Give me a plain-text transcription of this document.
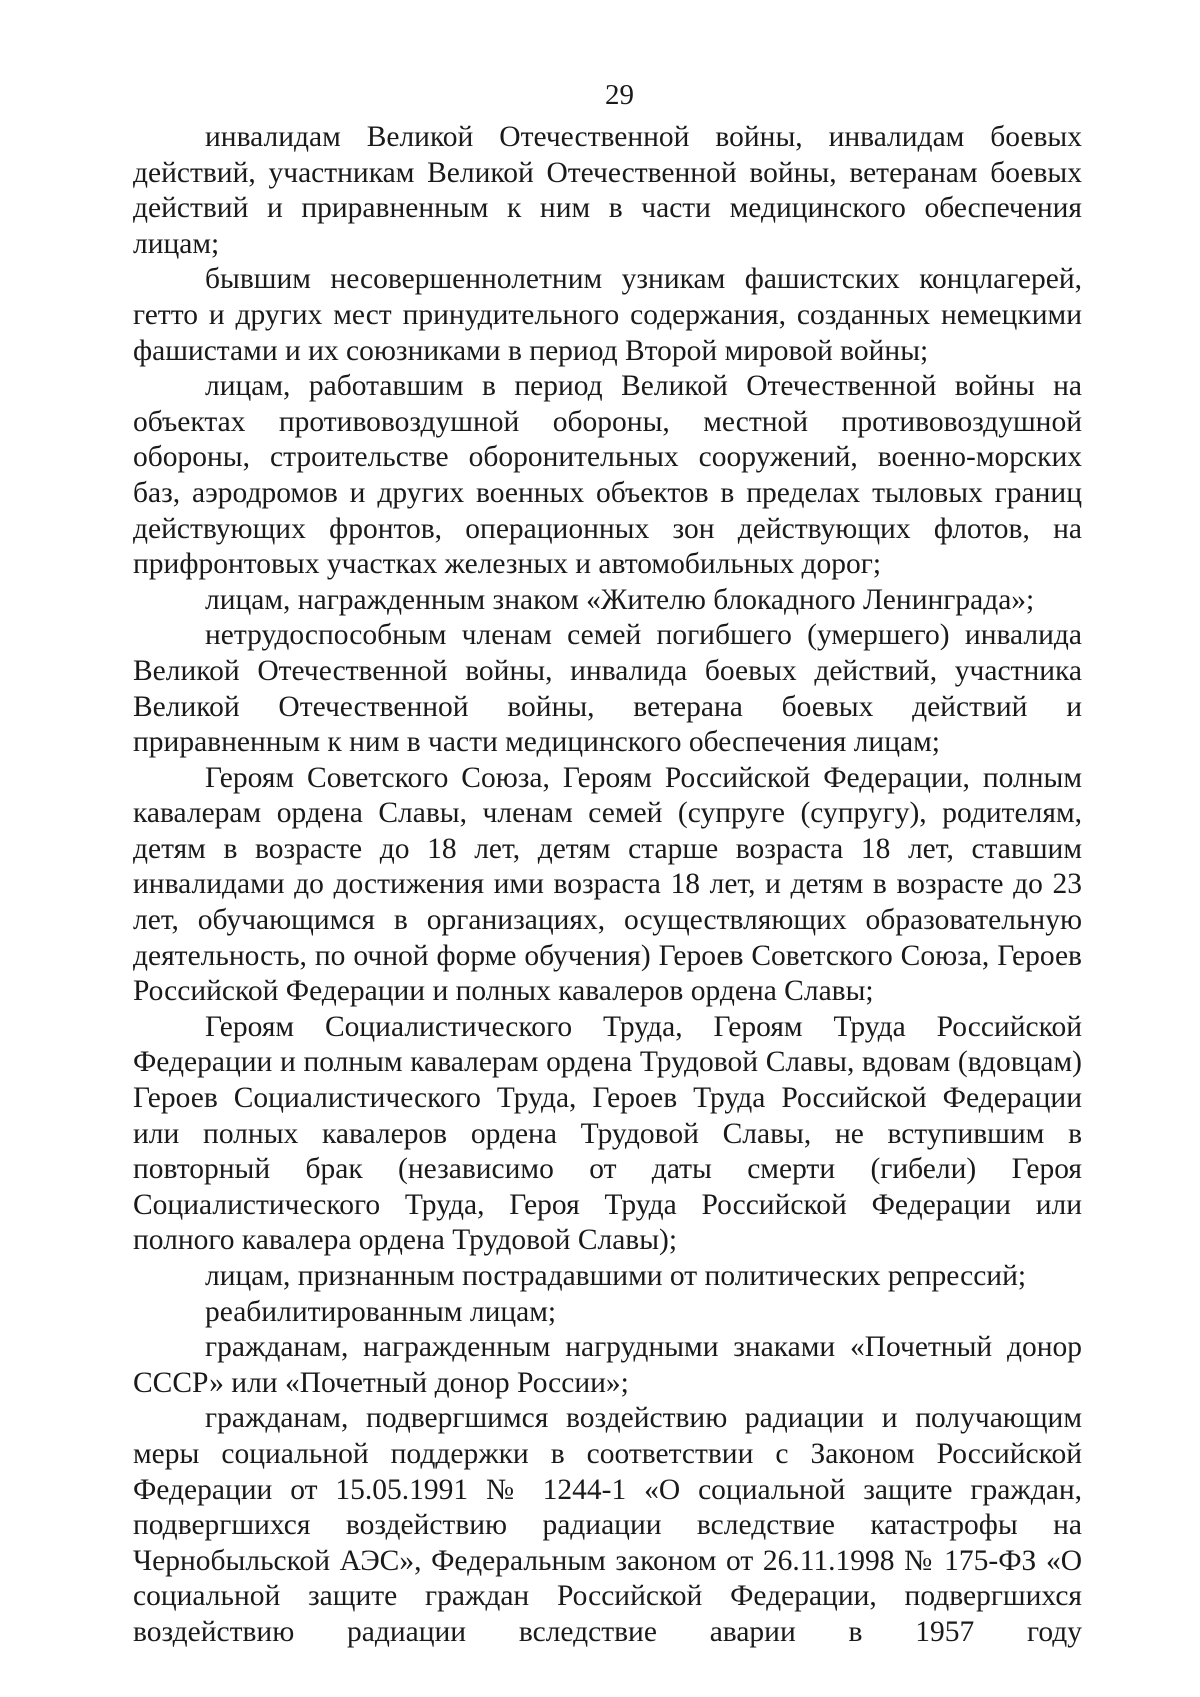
29

инвалидам Великой Отечественной войны, инвалидам боевых действий, участникам Великой Отечественной войны, ветеранам боевых действий и приравненным к ним в части медицинского обеспечения лицам;

бывшим несовершеннолетним узникам фашистских концлагерей, гетто и других мест принудительного содержания, созданных немецкими фашистами и их союзниками в период Второй мировой войны;

лицам, работавшим в период Великой Отечественной войны на объектах противовоздушной обороны, местной противовоздушной обороны, строительстве оборонительных сооружений, военно-морских баз, аэродромов и других военных объектов в пределах тыловых границ действующих фронтов, операционных зон действующих флотов, на прифронтовых участках железных и автомобильных дорог;

лицам, награжденным знаком «Жителю блокадного Ленинграда»;

нетрудоспособным членам семей погибшего (умершего) инвалида Великой Отечественной войны, инвалида боевых действий, участника Великой Отечественной войны, ветерана боевых действий и приравненным к ним в части медицинского обеспечения лицам;

Героям Советского Союза, Героям Российской Федерации, полным кавалерам ордена Славы, членам семей (супруге (супругу), родителям, детям в возрасте до 18 лет, детям старше возраста 18 лет, ставшим инвалидами до достижения ими возраста 18 лет, и детям в возрасте до 23 лет, обучающимся в организациях, осуществляющих образовательную деятельность, по очной форме обучения) Героев Советского Союза, Героев Российской Федерации и полных кавалеров ордена Славы;

Героям Социалистического Труда, Героям Труда Российской Федерации и полным кавалерам ордена Трудовой Славы, вдовам (вдовцам) Героев Социалистического Труда, Героев Труда Российской Федерации или полных кавалеров ордена Трудовой Славы, не вступившим в повторный брак (независимо от даты смерти (гибели) Героя Социалистического Труда, Героя Труда Российской Федерации или полного кавалера ордена Трудовой Славы);

лицам, признанным пострадавшими от политических репрессий;

реабилитированным лицам;

гражданам, награжденным нагрудными знаками «Почетный донор СССР» или «Почетный донор России»;

гражданам, подвергшимся воздействию радиации и получающим меры социальной поддержки в соответствии с Законом Российской Федерации от 15.05.1991 № 1244-1 «О социальной защите граждан, подвергшихся воздействию радиации вследствие катастрофы на Чернобыльской АЭС», Федеральным законом от 26.11.1998 № 175-ФЗ «О социальной защите граждан Российской Федерации, подвергшихся воздействию радиации вследствие аварии в 1957 году
